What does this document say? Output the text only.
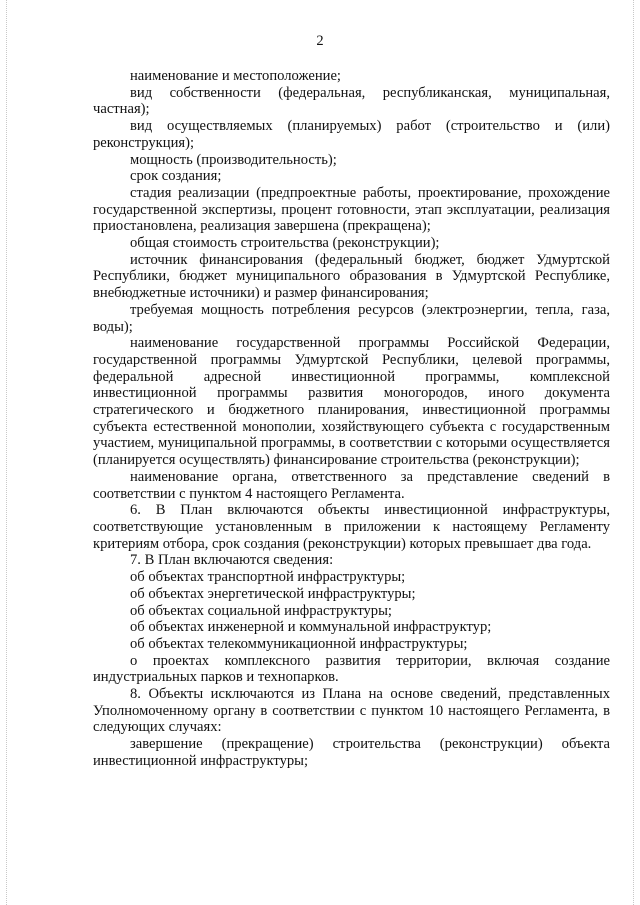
2

наименование и местоположение;

вид собственности (федеральная, республиканская, муниципальная, частная);

вид осуществляемых (планируемых) работ (строительство и (или) реконструкция);

мощность (производительность);

срок создания;

стадия реализации (предпроектные работы, проектирование, прохождение государственной экспертизы, процент готовности, этап эксплуатации, реализация приостановлена, реализация завершена (прекращена);

общая стоимость строительства (реконструкции);

источник финансирования (федеральный бюджет, бюджет Удмуртской Республики, бюджет муниципального образования в Удмуртской Республике, внебюджетные источники) и размер финансирования;

требуемая мощность потребления ресурсов (электроэнергии, тепла, газа, воды);

наименование государственной программы Российской Федерации, государственной программы Удмуртской Республики, целевой программы, федеральной адресной инвестиционной программы, комплексной инвестиционной программы развития моногородов, иного документа стратегического и бюджетного планирования, инвестиционной программы субъекта естественной монополии, хозяйствующего субъекта с государственным участием, муниципальной программы, в соответствии с которыми осуществляется (планируется осуществлять) финансирование строительства (реконструкции);

наименование органа, ответственного за представление сведений в соответствии с пунктом 4 настоящего Регламента.

6. В План включаются объекты инвестиционной инфраструктуры, соответствующие установленным в приложении к настоящему Регламенту критериям отбора, срок создания (реконструкции) которых превышает два года.

7. В План включаются сведения:

об объектах транспортной инфраструктуры;

об объектах энергетической инфраструктуры;

об объектах социальной инфраструктуры;

об объектах инженерной и коммунальной инфраструктур;

об объектах телекоммуникационной инфраструктуры;

о проектах комплексного развития территории, включая создание индустриальных парков и технопарков.

8. Объекты исключаются из Плана на основе сведений, представленных Уполномоченному органу в соответствии с пунктом 10 настоящего Регламента, в следующих случаях:

завершение (прекращение) строительства (реконструкции) объекта инвестиционной инфраструктуры;
